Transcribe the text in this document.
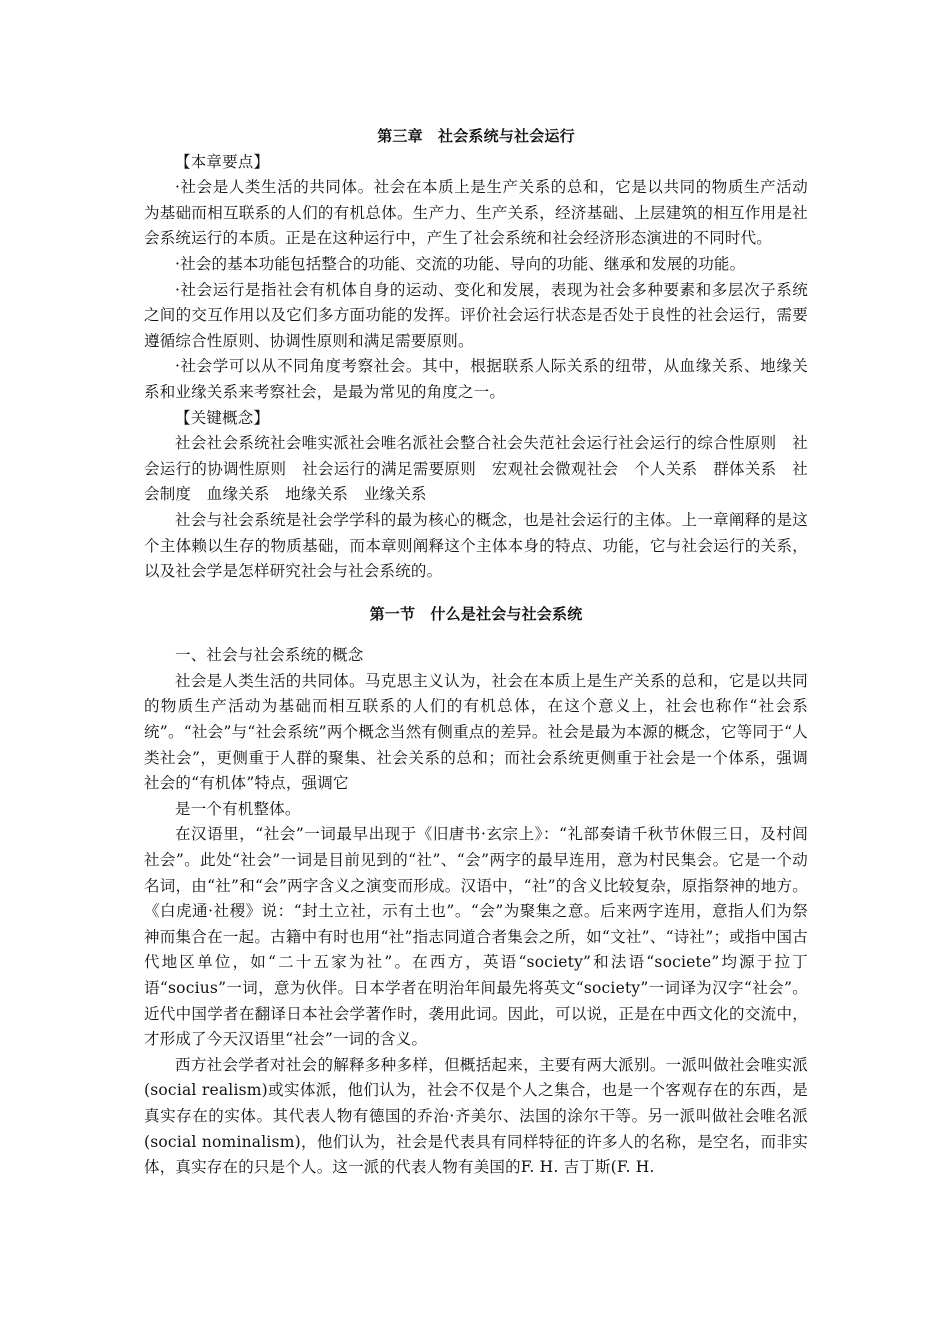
第三章　社会系统与社会运行

【本章要点】

·社会是人类生活的共同体。社会在本质上是生产关系的总和，它是以共同的物质生产活动为基础而相互联系的人们的有机总体。生产力、生产关系，经济基础、上层建筑的相互作用是社会系统运行的本质。正是在这种运行中，产生了社会系统和社会经济形态演进的不同时代。

·社会的基本功能包括整合的功能、交流的功能、导向的功能、继承和发展的功能。

·社会运行是指社会有机体自身的运动、变化和发展，表现为社会多种要素和多层次子系统之间的交互作用以及它们多方面功能的发挥。评价社会运行状态是否处于良性的社会运行，需要遵循综合性原则、协调性原则和满足需要原则。

·社会学可以从不同角度考察社会。其中，根据联系人际关系的纽带，从血缘关系、地缘关系和业缘关系来考察社会，是最为常见的角度之一。

【关键概念】

社会社会系统社会唯实派社会唯名派社会整合社会失范社会运行社会运行的综合性原则　社会运行的协调性原则　社会运行的满足需要原则　宏观社会微观社会　个人关系　群体关系　社会制度　血缘关系　地缘关系　业缘关系

社会与社会系统是社会学学科的最为核心的概念，也是社会运行的主体。上一章阐释的是这个主体赖以生存的物质基础，而本章则阐释这个主体本身的特点、功能，它与社会运行的关系，以及社会学是怎样研究社会与社会系统的。

第一节　什么是社会与社会系统

一、社会与社会系统的概念

社会是人类生活的共同体。马克思主义认为，社会在本质上是生产关系的总和，它是以共同的物质生产活动为基础而相互联系的人们的有机总体，在这个意义上，社会也称作“社会系统”。“社会”与“社会系统”两个概念当然有侧重点的差异。社会是最为本源的概念，它等同于“人类社会”，更侧重于人群的聚集、社会关系的总和；而社会系统更侧重于社会是一个体系，强调社会的“有机体”特点，强调它

是一个有机整体。

在汉语里，“社会”一词最早出现于《旧唐书·玄宗上》：“礼部奏请千秋节休假三日，及村闾社会”。此处“社会”一词是目前见到的“社”、“会”两字的最早连用，意为村民集会。它是一个动名词，由“社”和“会”两字含义之演变而形成。汉语中，“社”的含义比较复杂，原指祭神的地方。《白虎通·社稷》说：“封土立社，示有土也”。“会”为聚集之意。后来两字连用，意指人们为祭神而集合在一起。古籍中有时也用“社”指志同道合者集会之所，如“文社”、“诗社”；或指中国古代地区单位，如“二十五家为社”。在西方，英语“society”和法语“societe”均源于拉丁语“socius”一词，意为伙伴。日本学者在明治年间最先将英文“society”一词译为汉字“社会”。近代中国学者在翻译日本社会学著作时，袭用此词。因此，可以说，正是在中西文化的交流中，才形成了今天汉语里“社会”一词的含义。

西方社会学者对社会的解释多种多样，但概括起来，主要有两大派别。一派叫做社会唯实派(social realism)或实体派，他们认为，社会不仅是个人之集合，也是一个客观存在的东西，是真实存在的实体。其代表人物有德国的乔治·齐美尔、法国的涂尔干等。另一派叫做社会唯名派(social nominalism)，他们认为，社会是代表具有同样特征的许多人的名称，是空名，而非实体，真实存在的只是个人。这一派的代表人物有美国的F. H. 吉丁斯(F. H.
